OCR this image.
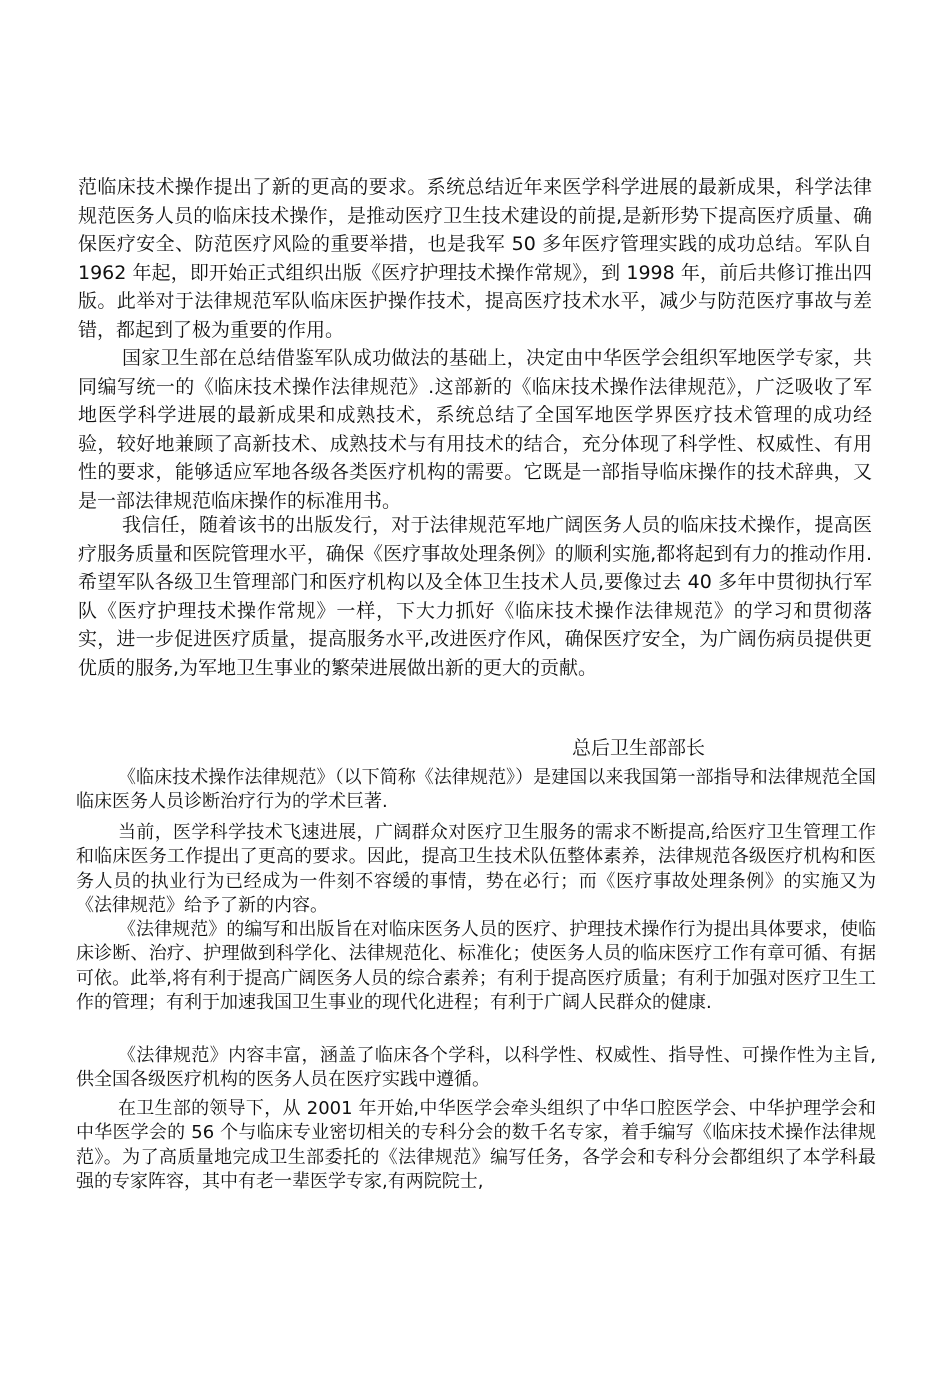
范临床技术操作提出了新的更高的要求。系统总结近年来医学科学进展的最新成果，科学法律规范医务人员的临床技术操作，是推动医疗卫生技术建设的前提,是新形势下提高医疗质量、确保医疗安全、防范医疗风险的重要举措，也是我军 50 多年医疗管理实践的成功总结。军队自 1962 年起，即开始正式组织出版《医疗护理技术操作常规》，到 1998 年，前后共修订推出四版。此举对于法律规范军队临床医护操作技术，提高医疗技术水平，减少与防范医疗事故与差错，都起到了极为重要的作用。

国家卫生部在总结借鉴军队成功做法的基础上，决定由中华医学会组织军地医学专家，共同编写统一的《临床技术操作法律规范》.这部新的《临床技术操作法律规范》，广泛吸收了军地医学科学进展的最新成果和成熟技术，系统总结了全国军地医学界医疗技术管理的成功经验，较好地兼顾了高新技术、成熟技术与有用技术的结合，充分体现了科学性、权威性、有用性的要求，能够适应军地各级各类医疗机构的需要。它既是一部指导临床操作的技术辞典，又是一部法律规范临床操作的标准用书。

我信任，随着该书的出版发行，对于法律规范军地广阔医务人员的临床技术操作，提高医疗服务质量和医院管理水平，确保《医疗事故处理条例》的顺利实施,都将起到有力的推动作用.希望军队各级卫生管理部门和医疗机构以及全体卫生技术人员,要像过去 40 多年中贯彻执行军队《医疗护理技术操作常规》一样，下大力抓好《临床技术操作法律规范》的学习和贯彻落实，进一步促进医疗质量，提高服务水平,改进医疗作风，确保医疗安全，为广阔伤病员提供更优质的服务,为军地卫生事业的繁荣进展做出新的更大的贡献。

总后卫生部部长

《临床技术操作法律规范》（以下简称《法律规范》）是建国以来我国第一部指导和法律规范全国临床医务人员诊断治疗行为的学术巨著.

当前，医学科学技术飞速进展，广阔群众对医疗卫生服务的需求不断提高,给医疗卫生管理工作和临床医务工作提出了更高的要求。因此，提高卫生技术队伍整体素养，法律规范各级医疗机构和医务人员的执业行为已经成为一件刻不容缓的事情，势在必行；而《医疗事故处理条例》的实施又为《法律规范》给予了新的内容。

《法律规范》的编写和出版旨在对临床医务人员的医疗、护理技术操作行为提出具体要求，使临床诊断、治疗、护理做到科学化、法律规范化、标准化；使医务人员的临床医疗工作有章可循、有据可依。此举,将有利于提高广阔医务人员的综合素养；有利于提高医疗质量；有利于加强对医疗卫生工作的管理；有利于加速我国卫生事业的现代化进程；有利于广阔人民群众的健康.

《法律规范》内容丰富，涵盖了临床各个学科，以科学性、权威性、指导性、可操作性为主旨,供全国各级医疗机构的医务人员在医疗实践中遵循。

在卫生部的领导下，从 2001 年开始,中华医学会牵头组织了中华口腔医学会、中华护理学会和中华医学会的 56 个与临床专业密切相关的专科分会的数千名专家，着手编写《临床技术操作法律规范》。为了高质量地完成卫生部委托的《法律规范》编写任务，各学会和专科分会都组织了本学科最强的专家阵容，其中有老一辈医学专家,有两院院士,
